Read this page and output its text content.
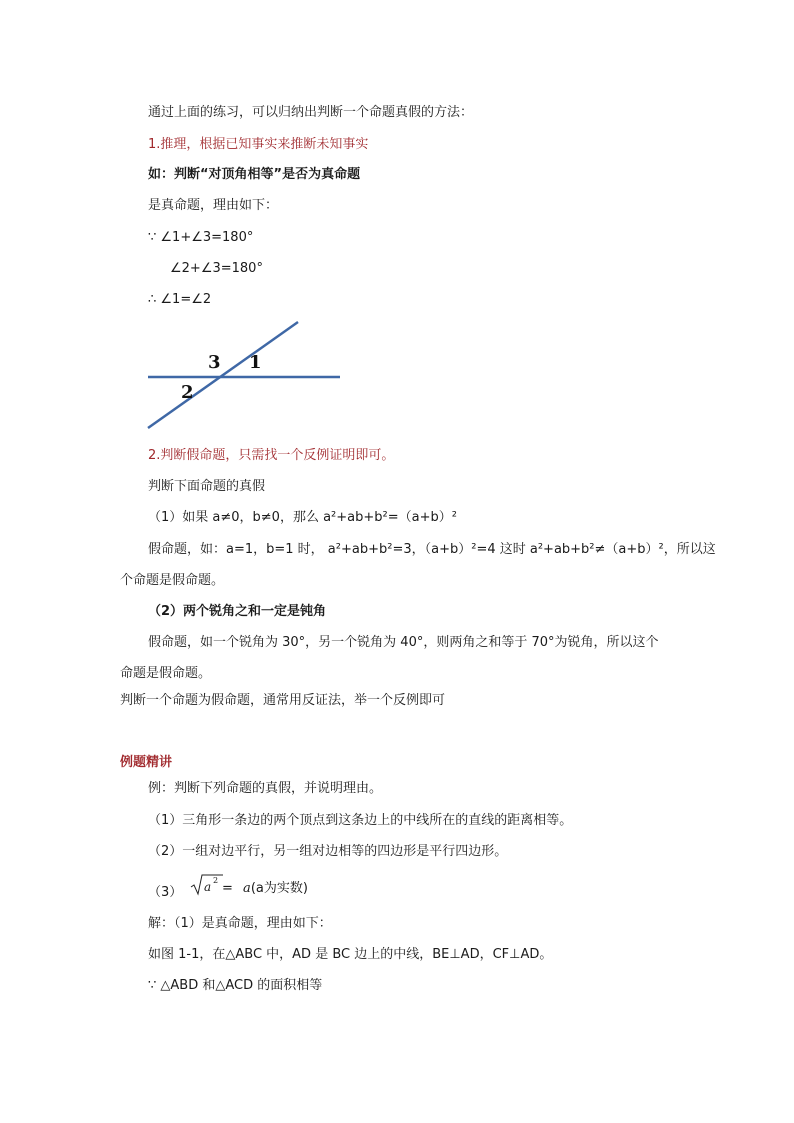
通过上面的练习，可以归纳出判断一个命题真假的方法：
1.推理，根据已知事实来推断未知事实
如：判断“对顶角相等”是否为真命题
是真命题，理由如下：
∵ ∠1+∠3=180°
∠2+∠3=180°
∴ ∠1=∠2
3 1
2
2.判断假命题，只需找一个反例证明即可。
判断下面命题的真假
（1）如果 a≠0，b≠0，那么 a²+ab+b²=（a+b）²
假命题，如：a=1，b=1 时， a²+ab+b²=3，（a+b）²=4 这时 a²+ab+b²≠（a+b）²，所以这
个命题是假命题。
（2）两个锐角之和一定是钝角
假命题，如一个锐角为 30°，另一个锐角为 40°，则两角之和等于 70°为锐角，所以这个
命题是假命题。
判断一个命题为假命题，通常用反证法，举一个反例即可
例题精讲
例：判断下列命题的真假，并说明理由。
（1）三角形一条边的两个顶点到这条边上的中线所在的直线的距离相等。
（2）一组对边平行，另一组对边相等的四边形是平行四边形。
（3） a 2
= a(a为实数)
解：（1）是真命题，理由如下：
如图 1-1，在△ABC 中，AD 是 BC 边上的中线，BE⊥AD，CF⊥AD。
∵ △ABD 和△ACD 的面积相等
